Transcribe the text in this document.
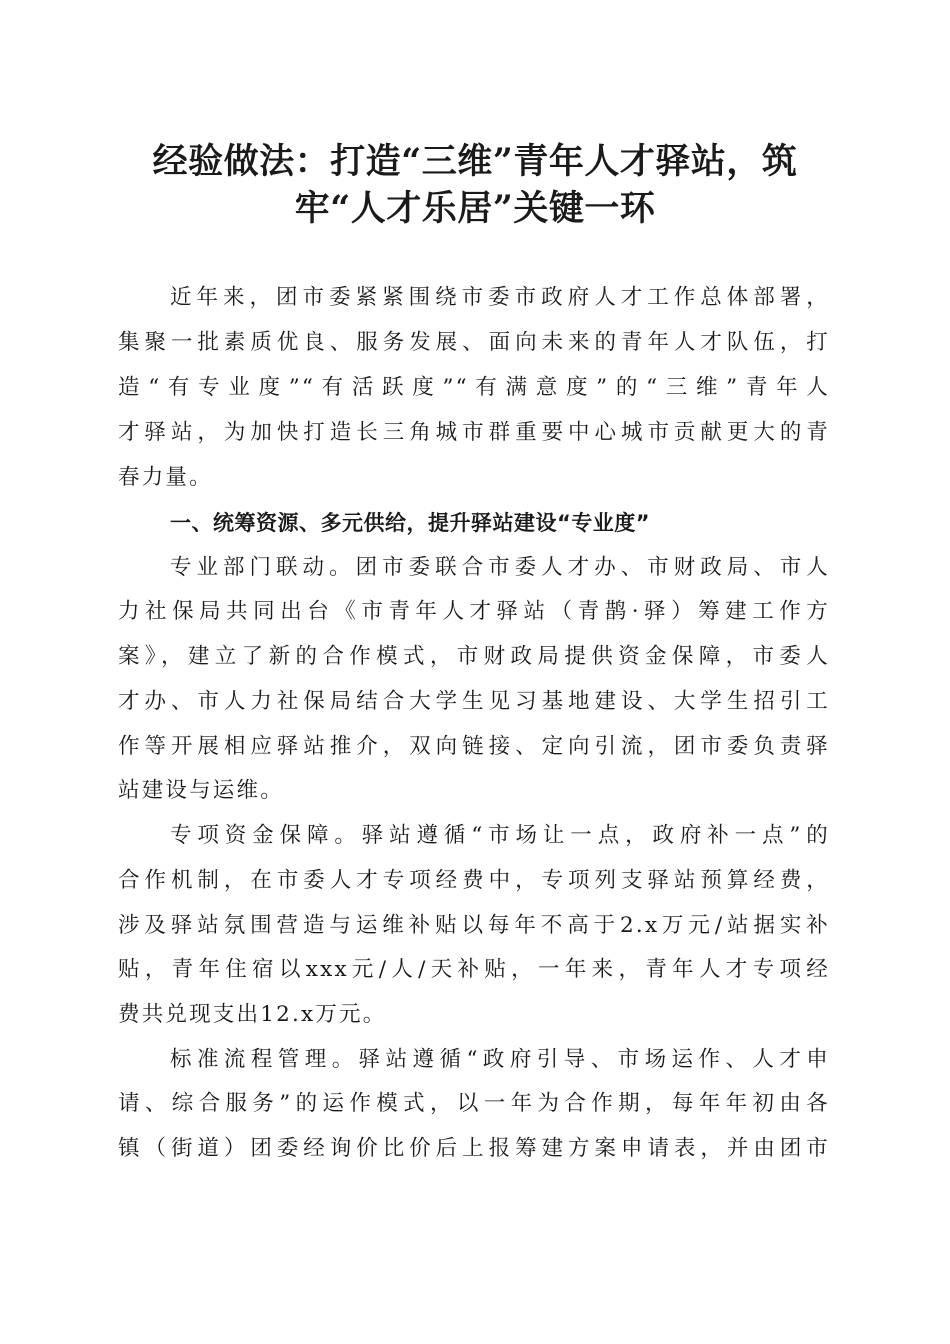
经验做法：打造“三维”青年人才驿站，筑
牢“人才乐居”关键一环

近年来，团市委紧紧围绕市委市政府人才工作总体部署，

集聚一批素质优良、服务发展、面向未来的青年人才队伍，打

造“有专业度”“有活跃度”“有满意度”的“三维”青年人

才驿站，为加快打造长三角城市群重要中心城市贡献更大的青

春力量。

一、统筹资源、多元供给，提升驿站建设“专业度”

专业部门联动。团市委联合市委人才办、市财政局、市人

力社保局共同出台《市青年人才驿站（青鹊·驿）筹建工作方

案》，建立了新的合作模式，市财政局提供资金保障，市委人

才办、市人力社保局结合大学生见习基地建设、大学生招引工

作等开展相应驿站推介，双向链接、定向引流，团市委负责驿

站建设与运维。

专项资金保障。驿站遵循“市场让一点，政府补一点”的

合作机制，在市委人才专项经费中，专项列支驿站预算经费，

涉及驿站氛围营造与运维补贴以每年不高于2.x万元/站据实补

贴，青年住宿以xxx元/人/天补贴，一年来，青年人才专项经

费共兑现支出12.x万元。

标准流程管理。驿站遵循“政府引导、市场运作、人才申

请、综合服务”的运作模式，以一年为合作期，每年年初由各

镇（街道）团委经询价比价后上报筹建方案申请表，并由团市
